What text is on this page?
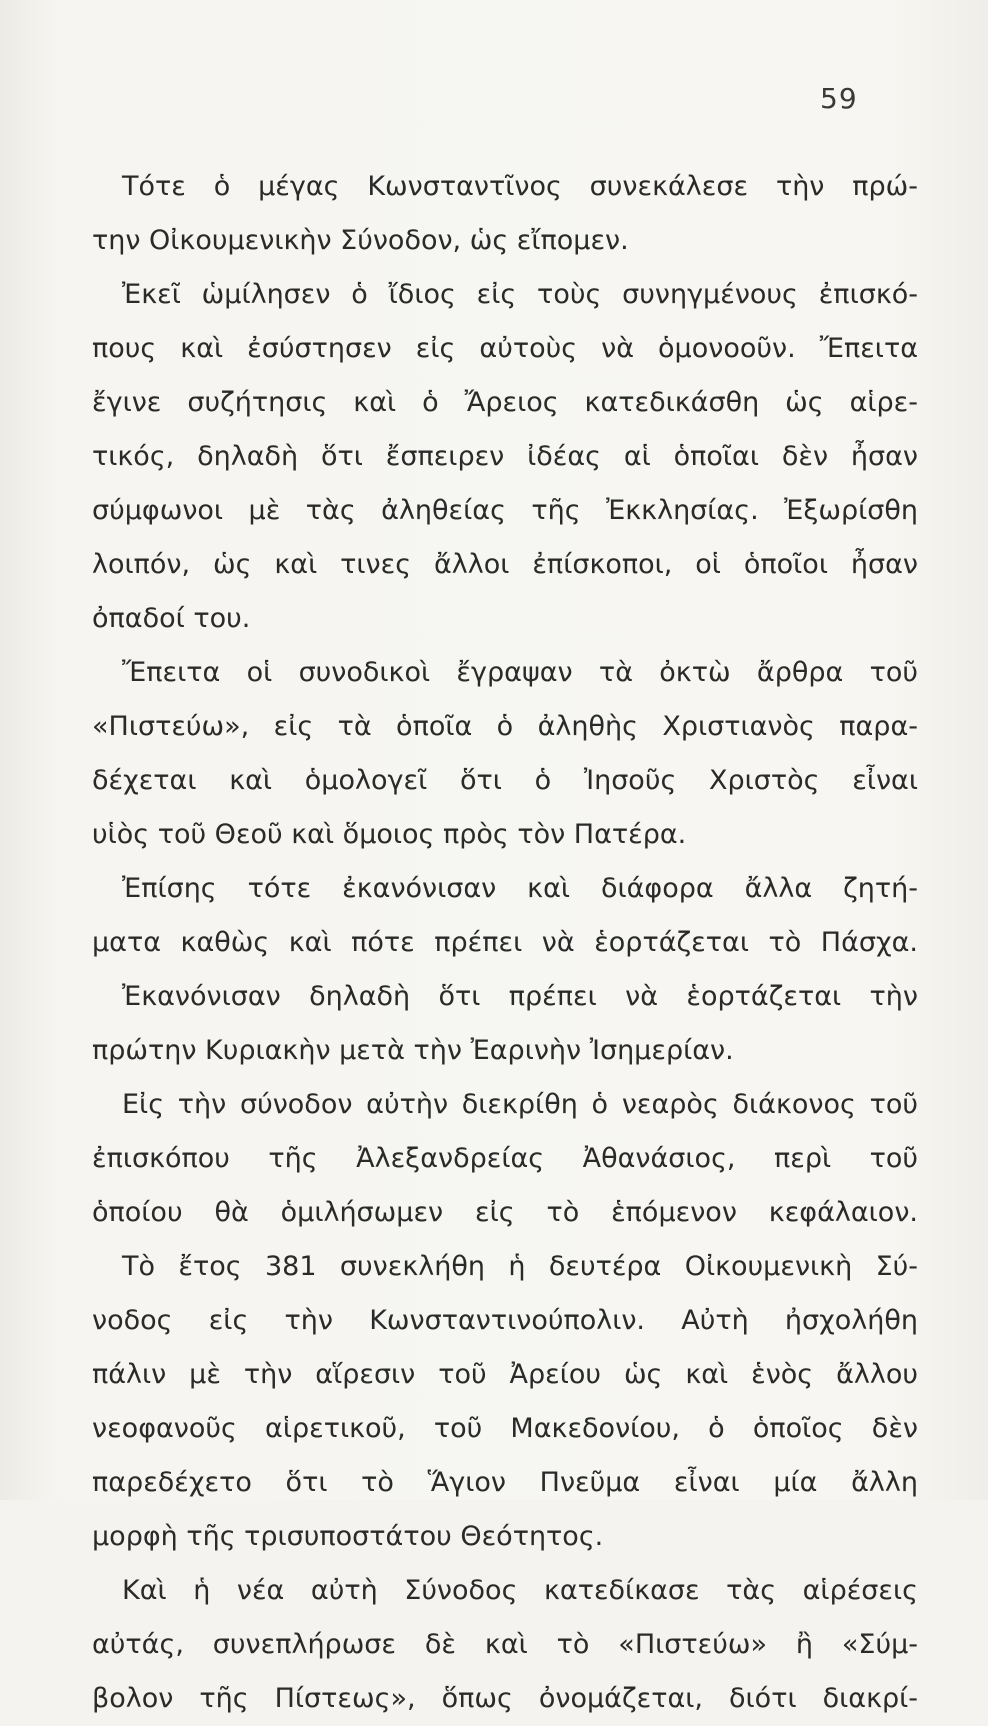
59
Τότε ὁ μέγας Κωνσταντῖνος συνεκάλεσε τὴν πρώ-
την Οἰκουμενικὴν Σύνοδον, ὡς εἴπομεν.
Ἐκεῖ ὡμίλησεν ὁ ἴδιος εἰς τοὺς συνηγμένους ἐπισκό-
πους καὶ ἐσύστησεν εἰς αὐτοὺς νὰ ὁμονοοῦν. Ἔπειτα
ἔγινε συζήτησις καὶ ὁ Ἄρειος κατεδικάσθη ὡς αἱρε-
τικός, δηλαδὴ ὅτι ἔσπειρεν ἰδέας αἱ ὁποῖαι δὲν ἦσαν
σύμφωνοι μὲ τὰς ἀληθείας τῆς Ἐκκλησίας. Ἐξωρίσθη
λοιπόν, ὡς καὶ τινες ἄλλοι ἐπίσκοποι, οἱ ὁποῖοι ἦσαν
ὀπαδοί του.
Ἔπειτα οἱ συνοδικοὶ ἔγραψαν τὰ ὀκτὼ ἄρθρα τοῦ
«Πιστεύω», εἰς τὰ ὁποῖα ὁ ἀληθὴς Χριστιανὸς παρα-
δέχεται καὶ ὁμολογεῖ ὅτι ὁ Ἰησοῦς Χριστὸς εἶναι
υἱὸς τοῦ Θεοῦ καὶ ὅμοιος πρὸς τὸν Πατέρα.
Ἐπίσης τότε ἐκανόνισαν καὶ διάφορα ἄλλα ζητή-
ματα καθὼς καὶ πότε πρέπει νὰ ἑορτάζεται τὸ Πάσχα.
Ἐκανόνισαν δηλαδὴ ὅτι πρέπει νὰ ἑορτάζεται τὴν
πρώτην Κυριακὴν μετὰ τὴν Ἐαρινὴν Ἰσημερίαν.
Εἰς τὴν σύνοδον αὐτὴν διεκρίθη ὁ νεαρὸς διάκονος τοῦ
ἐπισκόπου τῆς Ἀλεξανδρείας Ἀθανάσιος, περὶ τοῦ
ὁποίου θὰ ὁμιλήσωμεν εἰς τὸ ἑπόμενον κεφάλαιον.
Τὸ ἔτος 381 συνεκλήθη ἡ δευτέρα Οἰκουμενικὴ Σύ-
νοδος εἰς τὴν Κωνσταντινούπολιν. Αὐτὴ ἠσχολήθη
πάλιν μὲ τὴν αἵρεσιν τοῦ Ἀρείου ὡς καὶ ἑνὸς ἄλλου
νεοφανοῦς αἱρετικοῦ, τοῦ Μακεδονίου, ὁ ὁποῖος δὲν
παρεδέχετο ὅτι τὸ Ἅγιον Πνεῦμα εἶναι μία ἄλλη
μορφὴ τῆς τρισυποστάτου Θεότητος.
Καὶ ἡ νέα αὐτὴ Σύνοδος κατεδίκασε τὰς αἱρέσεις
αὐτάς, συνεπλήρωσε δὲ καὶ τὸ «Πιστεύω» ἢ «Σύμ-
βολον τῆς Πίστεως», ὅπως ὀνομάζεται, διότι διακρί-
